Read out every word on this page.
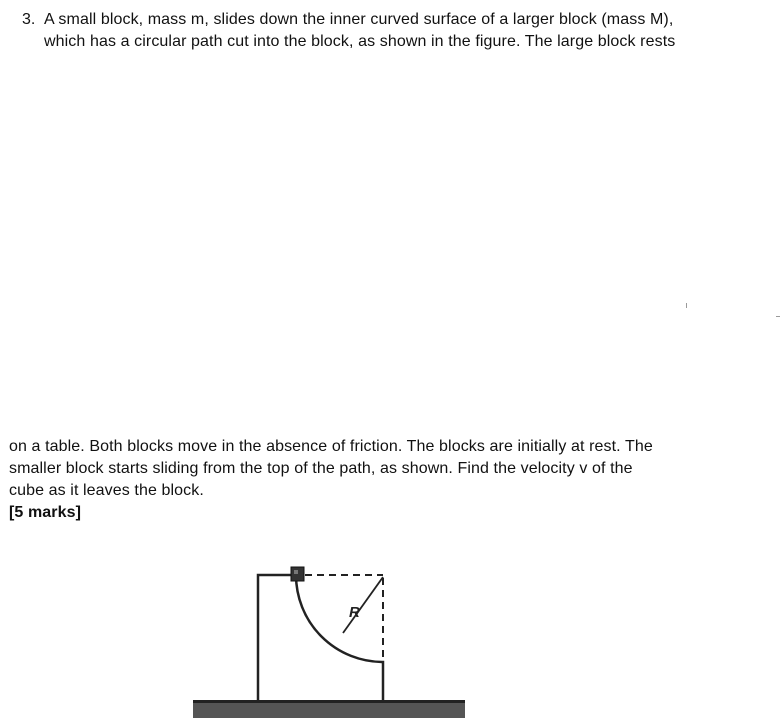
3. A small block, mass m, slides down the inner curved surface of a larger block (mass M),
which has a circular path cut into the block, as shown in the figure. The large block rests
on a table. Both blocks move in the absence of friction. The blocks are initially at rest. The
smaller block starts sliding from the top of the path, as shown. Find the velocity v of the
cube as it leaves the block.
[5 marks]
R
